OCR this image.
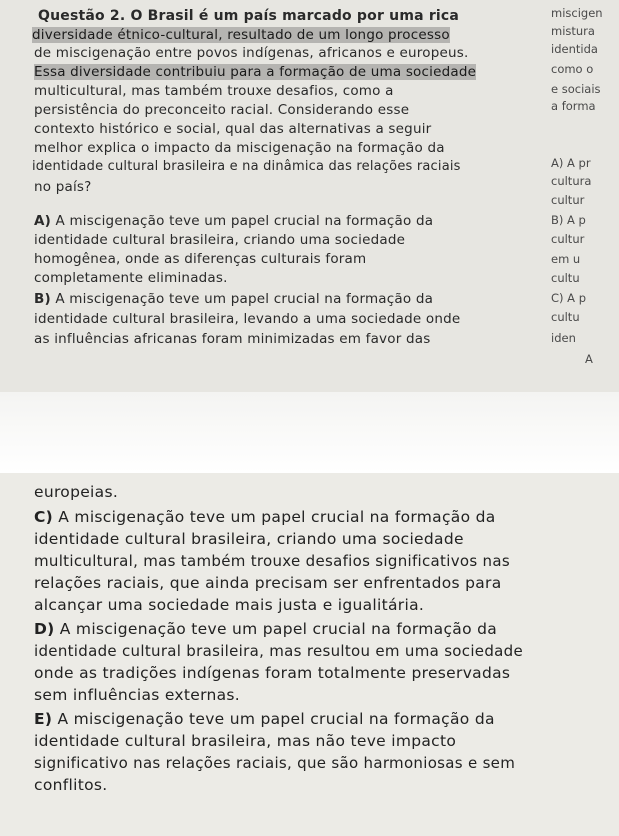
Questão 2. O Brasil é um país marcado por uma rica
diversidade étnico-cultural, resultado de um longo processo
de miscigenação entre povos indígenas, africanos e europeus.
Essa diversidade contribuiu para a formação de uma sociedade
multicultural, mas também trouxe desafios, como a
persistência do preconceito racial. Considerando esse
contexto histórico e social, qual das alternativas a seguir
melhor explica o impacto da miscigenação na formação da
identidade cultural brasileira e na dinâmica das relações raciais
no país?
A) A miscigenação teve um papel crucial na formação da
identidade cultural brasileira, criando uma sociedade
homogênea, onde as diferenças culturais foram
completamente eliminadas.
B) A miscigenação teve um papel crucial na formação da
identidade cultural brasileira, levando a uma sociedade onde
as influências africanas foram minimizadas em favor das
miscigen
mistura
identida
como o
e sociais
a forma
A) A pr
cultura
cultur
B) A p
cultur
em u
cultu
C) A p
cultu
iden
A
europeias.
C) A miscigenação teve um papel crucial na formação da
identidade cultural brasileira, criando uma sociedade
multicultural, mas também trouxe desafios significativos nas
relações raciais, que ainda precisam ser enfrentados para
alcançar uma sociedade mais justa e igualitária.
D) A miscigenação teve um papel crucial na formação da
identidade cultural brasileira, mas resultou em uma sociedade
onde as tradições indígenas foram totalmente preservadas
sem influências externas.
E) A miscigenação teve um papel crucial na formação da
identidade cultural brasileira, mas não teve impacto
significativo nas relações raciais, que são harmoniosas e sem
conflitos.
